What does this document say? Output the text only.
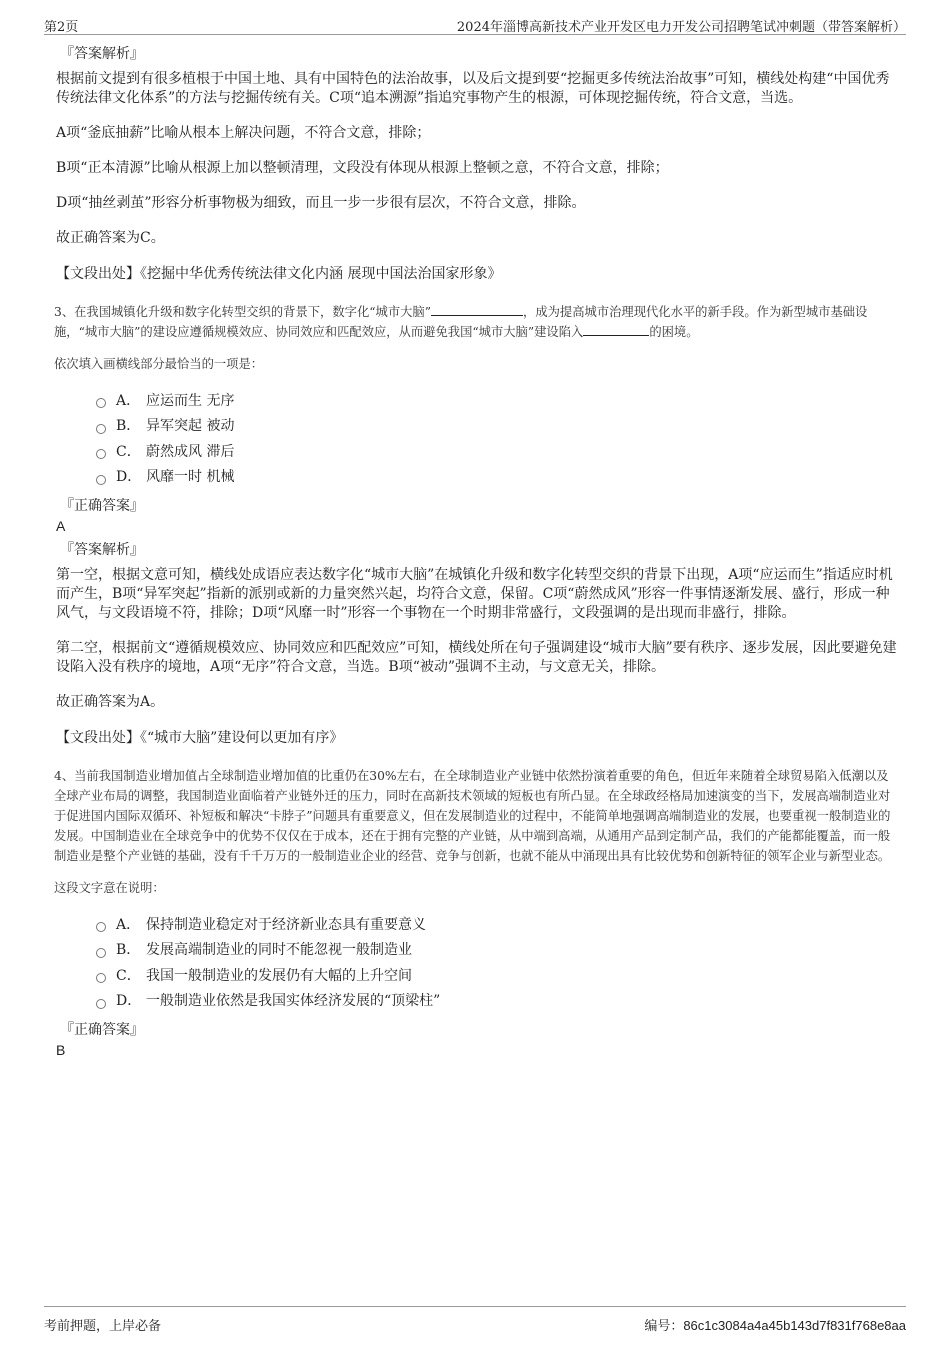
第2页	2024年淄博高新技术产业开发区电力开发公司招聘笔试冲刺题（带答案解析）
『答案解析』

根据前文提到有很多植根于中国土地、具有中国特色的法治故事，以及后文提到要“挖掘更多传统法治故事”可知，横线处构建“中国优秀传统法律文化体系”的方法与挖掘传统有关。C项“追本溯源”指追究事物产生的根源，可体现挖掘传统，符合文意，当选。

A项“釜底抽薪”比喻从根本上解决问题，不符合文意，排除；

B项“正本清源”比喻从根源上加以整顿清理，文段没有体现从根源上整顿之意，不符合文意，排除；

D项“抽丝剥茧”形容分析事物极为细致，而且一步一步很有层次，不符合文意，排除。

故正确答案为C。

【文段出处】《挖掘中华优秀传统法律文化内涵 展现中国法治国家形象》

3、在我国城镇化升级和数字化转型交织的背景下，数字化“城市大脑”	，成为提高城市治理现代化水平的新手段。作为新型城市基础设施，“城市大脑”的建设应遵循规模效应、协同效应和匹配效应，从而避免我国“城市大脑”建设陷入	的困境。

依次填入画横线部分最恰当的一项是：

A． 应运而生 无序
B． 异军突起 被动
C． 蔚然成风 滞后
D． 风靡一时 机械
『正确答案』
A
『答案解析』

第一空，根据文意可知，横线处成语应表达数字化“城市大脑”在城镇化升级和数字化转型交织的背景下出现，A项“应运而生”指适应时机而产生，B项“异军突起”指新的派别或新的力量突然兴起，均符合文意，保留。C项“蔚然成风”形容一件事情逐渐发展、盛行，形成一种风气，与文段语境不符，排除；D项“风靡一时”形容一个事物在一个时期非常盛行，文段强调的是出现而非盛行，排除。

第二空，根据前文“遵循规模效应、协同效应和匹配效应”可知，横线处所在句子强调建设“城市大脑”要有秩序、逐步发展，因此要避免建设陷入没有秩序的境地，A项“无序”符合文意，当选。B项“被动”强调不主动，与文意无关，排除。

故正确答案为A。

【文段出处】《“城市大脑”建设何以更加有序》

4、当前我国制造业增加值占全球制造业增加值的比重仍在30%左右，在全球制造业产业链中依然扮演着重要的角色，但近年来随着全球贸易陷入低潮以及全球产业布局的调整，我国制造业面临着产业链外迁的压力，同时在高新技术领域的短板也有所凸显。在全球政经格局加速演变的当下，发展高端制造业对于促进国内国际双循环、补短板和解决“卡脖子”问题具有重要意义，但在发展制造业的过程中，不能简单地强调高端制造业的发展，也要重视一般制造业的发展。中国制造业在全球竞争中的优势不仅仅在于成本，还在于拥有完整的产业链，从中端到高端，从通用产品到定制产品，我们的产能都能覆盖，而一般制造业是整个产业链的基础，没有千千万万的一般制造业企业的经营、竞争与创新，也就不能从中涌现出具有比较优势和创新特征的领军企业与新型业态。

这段文字意在说明：

A． 保持制造业稳定对于经济新业态具有重要意义
B． 发展高端制造业的同时不能忽视一般制造业
C． 我国一般制造业的发展仍有大幅的上升空间
D． 一般制造业依然是我国实体经济发展的“顶梁柱”
『正确答案』
B
考前押题，上岸必备	编号：86c1c3084a4a45b143d7f831f768e8aa
